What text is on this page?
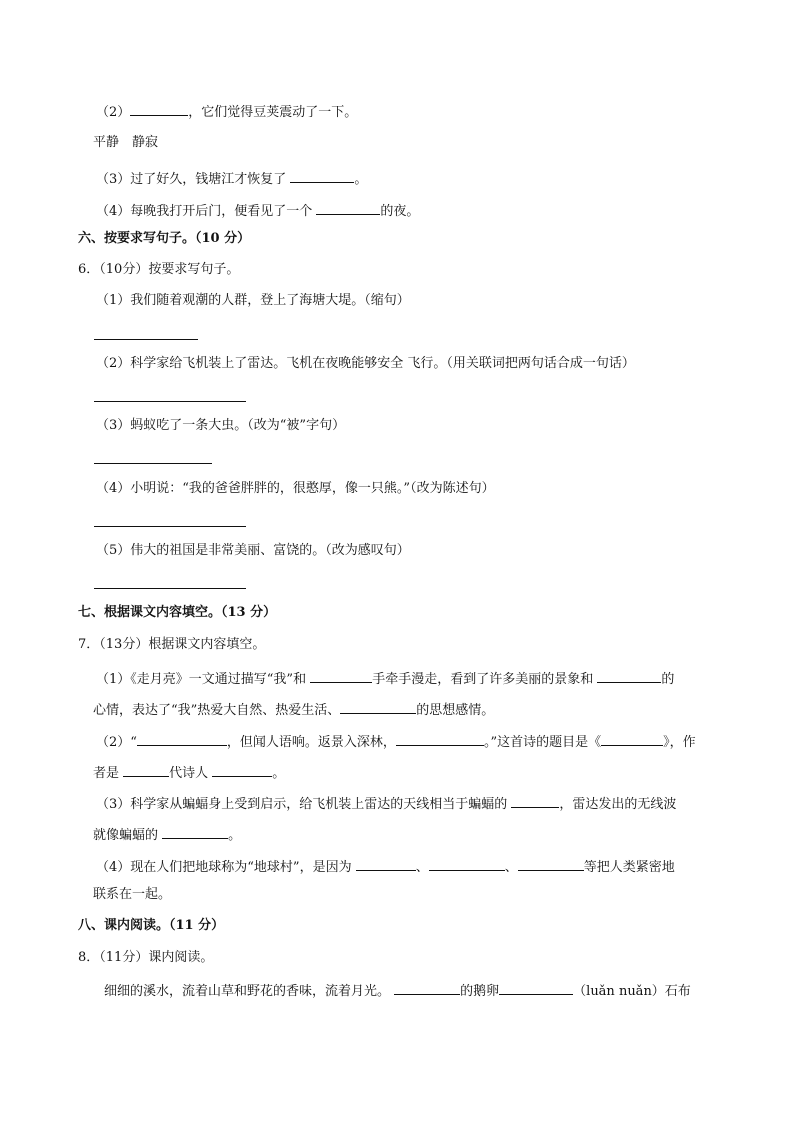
（2）	，它们觉得豆荚震动了一下。
平静　静寂
（3）过了好久，钱塘江才恢复了	。
（4）每晚我打开后门，便看见了一个	的夜。
六、按要求写句子。（10 分）
6．（10分）按要求写句子。
（1）我们随着观潮的人群，登上了海塘大堤。（缩句）
（2）科学家给飞机装上了雷达。飞机在夜晚能够安全 飞行。（用关联词把两句话合成一句话）
（3）蚂蚁吃了一条大虫。（改为“被”字句）
（4）小明说：“我的爸爸胖胖的，很憨厚，像一只熊。”（改为陈述句）
（5）伟大的祖国是非常美丽、富饶的。（改为感叹句）
七、根据课文内容填空。（13 分）
7．（13分）根据课文内容填空。
（1）《走月亮》一文通过描写“我”和	手牵手漫走，看到了许多美丽的景象和	的
心情，表达了“我”热爱大自然、热爱生活、	的思想感情。
（2）“	，但闻人语响。返景入深林，	。”这首诗的题目是《	》，作
者是	代诗人	。
（3）科学家从蝙蝠身上受到启示，给飞机装上雷达的天线相当于蝙蝠的	，雷达发出的无线波
就像蝙蝠的	。
（4）现在人们把地球称为“地球村”，是因为	、	、	等把人类紧密地
联系在一起。
八、课内阅读。（11 分）
8．（11分）课内阅读。
细细的溪水，流着山草和野花的香味，流着月光。	的鹅卵	（luǎn nuǎn）石布
